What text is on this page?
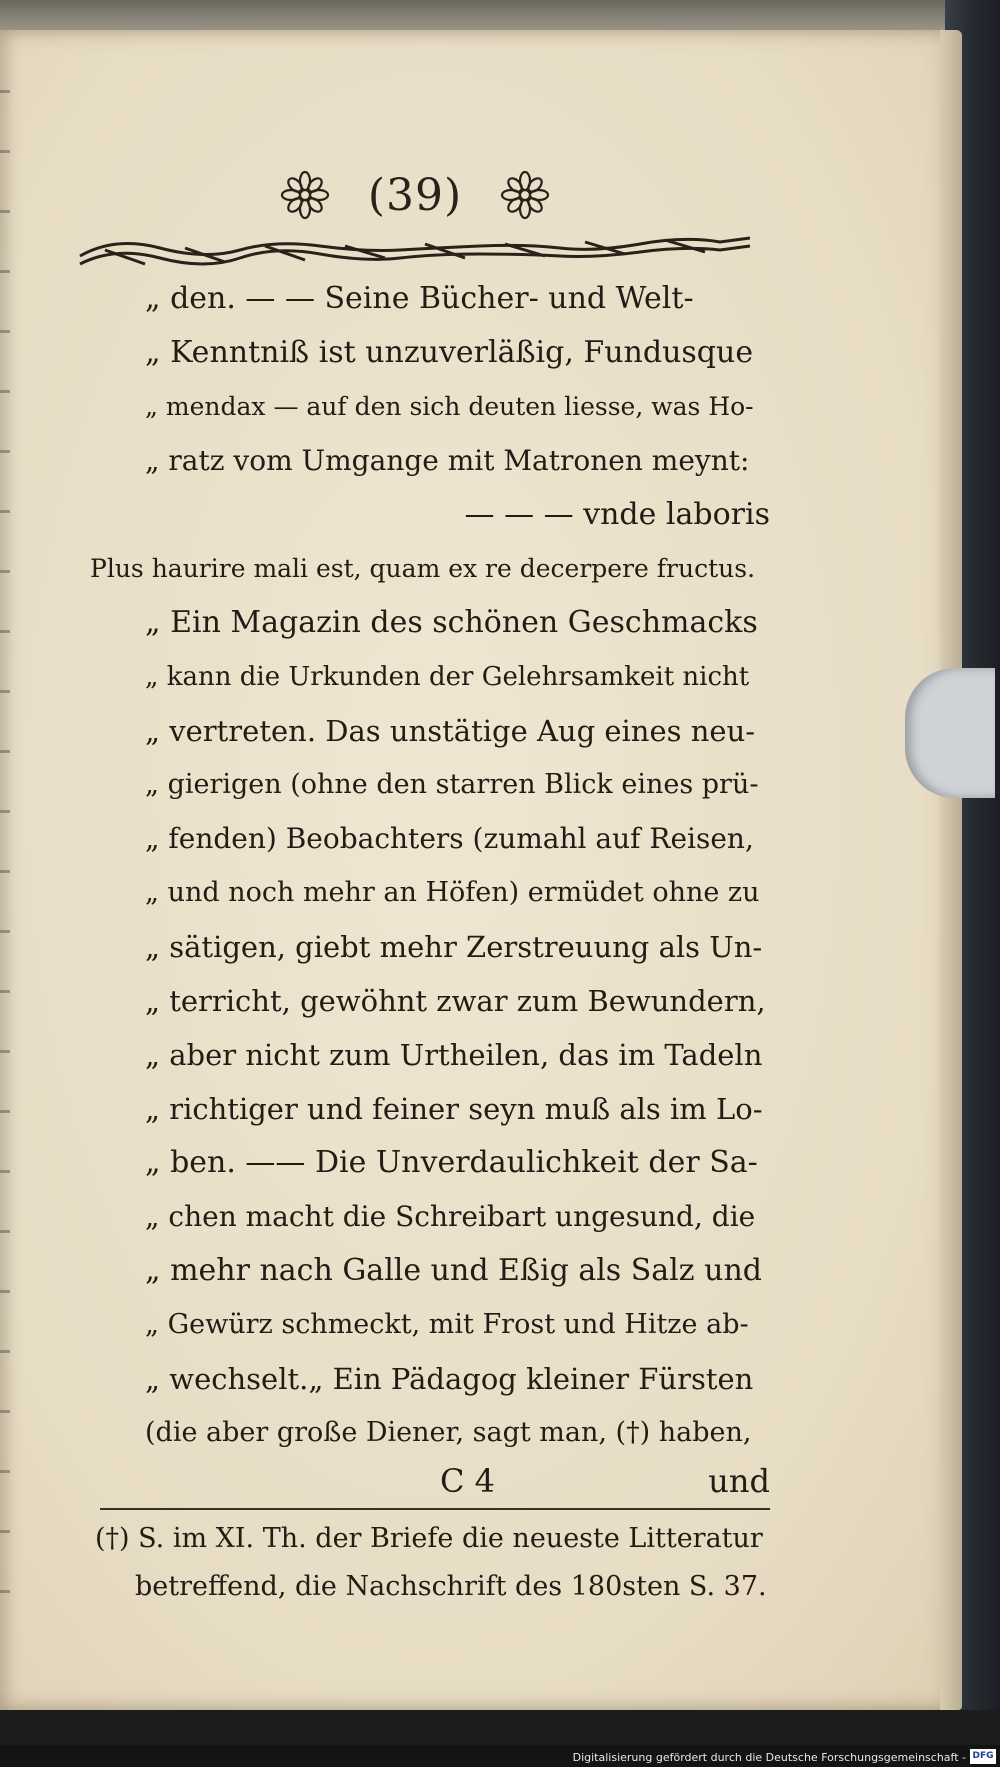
(39)
„ den. — — Seine Bücher- und Welt-
„ Kenntniß ist unzuverläßig, Fundusque
„ mendax — auf den sich deuten liesse, was Ho-
„ ratz vom Umgange mit Matronen meynt:
— — — vnde laboris
Plus haurire mali est, quam ex re decerpere fructus.
„ Ein Magazin des schönen Geschmacks
„ kann die Urkunden der Gelehrsamkeit nicht
„ vertreten. Das unstätige Aug eines neu-
„ gierigen (ohne den starren Blick eines prü-
„ fenden) Beobachters (zumahl auf Reisen,
„ und noch mehr an Höfen) ermüdet ohne zu
„ sätigen, giebt mehr Zerstreuung als Un-
„ terricht, gewöhnt zwar zum Bewundern,
„ aber nicht zum Urtheilen, das im Tadeln
„ richtiger und feiner seyn muß als im Lo-
„ ben. —— Die Unverdaulichkeit der Sa-
„ chen macht die Schreibart ungesund, die
„ mehr nach Galle und Eßig als Salz und
„ Gewürz schmeckt, mit Frost und Hitze ab-
„ wechselt.„ Ein Pädagog kleiner Fürsten
(die aber große Diener, sagt man, (†) haben,
C 4	und
(†) S. im XI. Th. der Briefe die neueste Litteratur
betreffend, die Nachschrift des 180sten S. 37.
Digitalisierung gefördert durch die Deutsche Forschungsgemeinschaft - DFG
